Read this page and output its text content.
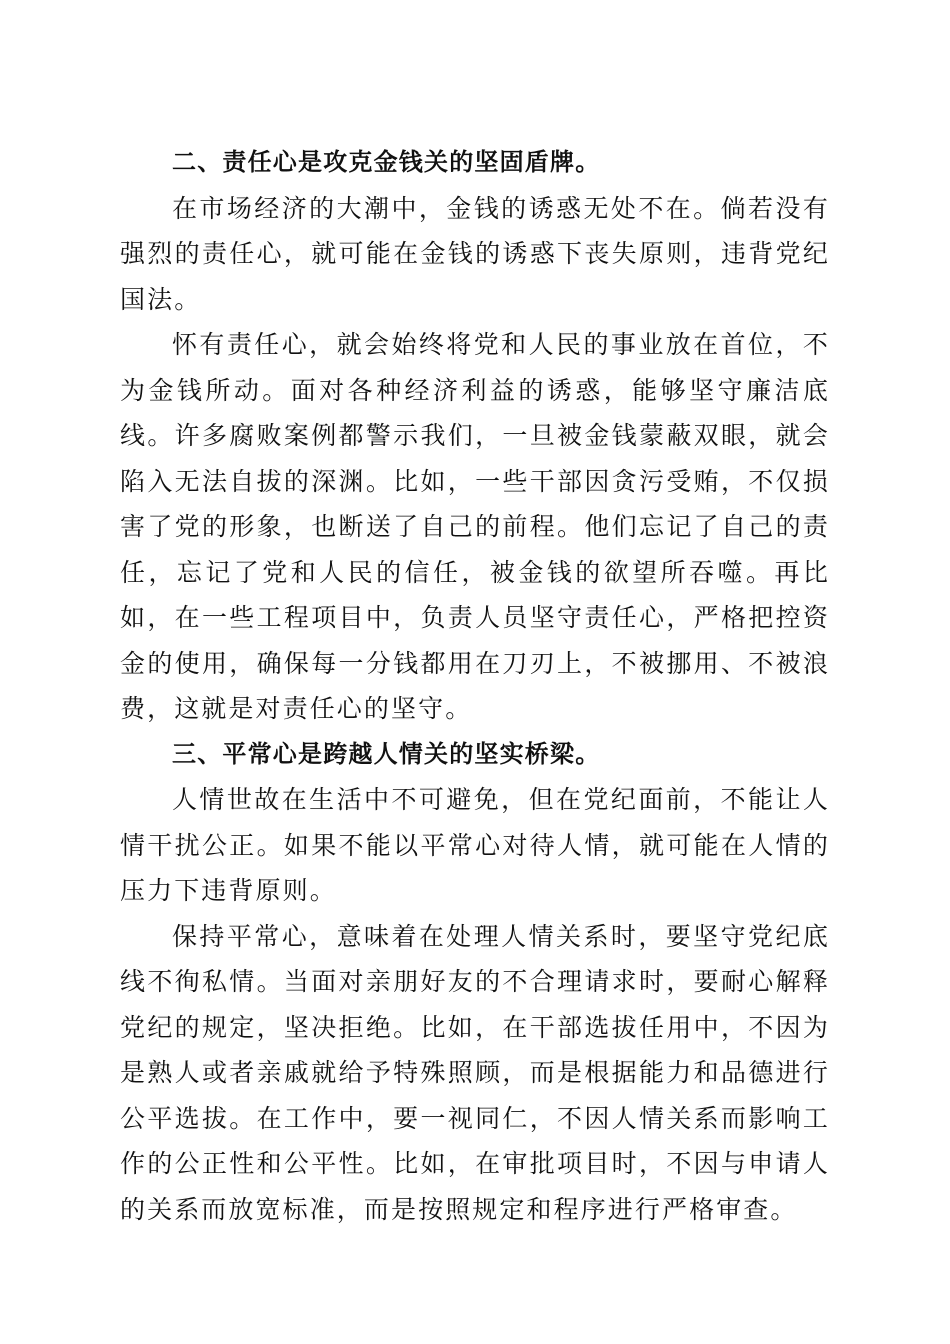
二、责任心是攻克金钱关的坚固盾牌。

在市场经济的大潮中，金钱的诱惑无处不在。倘若没有强烈的责任心，就可能在金钱的诱惑下丧失原则，违背党纪国法。

怀有责任心，就会始终将党和人民的事业放在首位，不为金钱所动。面对各种经济利益的诱惑，能够坚守廉洁底线。许多腐败案例都警示我们，一旦被金钱蒙蔽双眼，就会陷入无法自拔的深渊。比如，一些干部因贪污受贿，不仅损害了党的形象，也断送了自己的前程。他们忘记了自己的责任，忘记了党和人民的信任，被金钱的欲望所吞噬。再比如，在一些工程项目中，负责人员坚守责任心，严格把控资金的使用，确保每一分钱都用在刀刃上，不被挪用、不被浪费，这就是对责任心的坚守。

三、平常心是跨越人情关的坚实桥梁。

人情世故在生活中不可避免，但在党纪面前，不能让人情干扰公正。如果不能以平常心对待人情，就可能在人情的压力下违背原则。

保持平常心，意味着在处理人情关系时，要坚守党纪底线不徇私情。当面对亲朋好友的不合理请求时，要耐心解释党纪的规定，坚决拒绝。比如，在干部选拔任用中，不因为是熟人或者亲戚就给予特殊照顾，而是根据能力和品德进行公平选拔。在工作中，要一视同仁，不因人情关系而影响工作的公正性和公平性。比如，在审批项目时，不因与申请人的关系而放宽标准，而是按照规定和程序进行严格审查。
